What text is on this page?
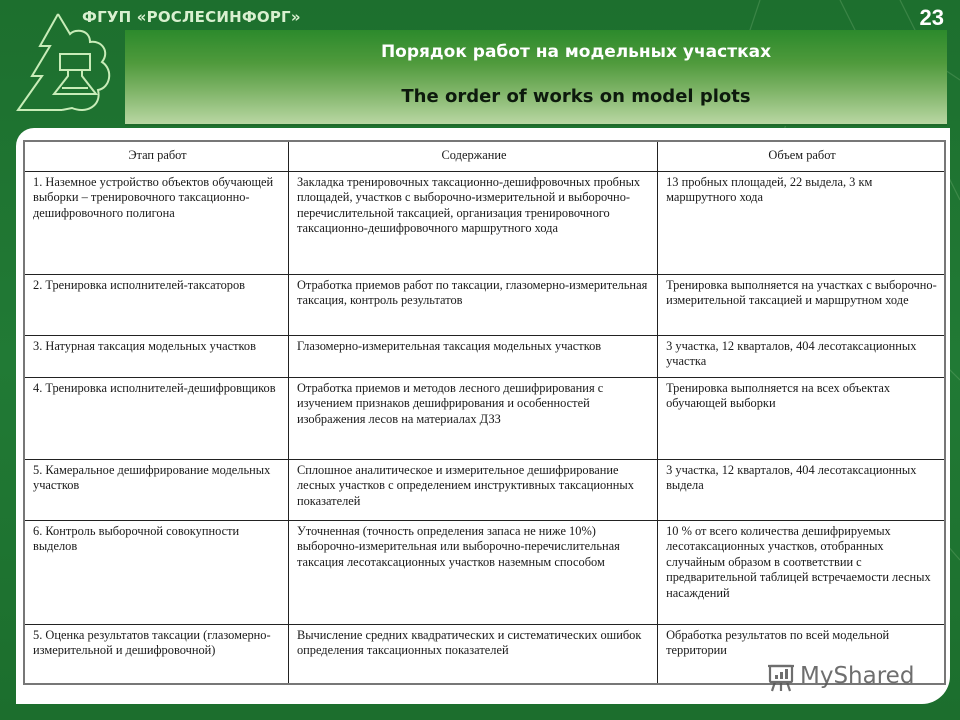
ФГУП «РОСЛЕСИНФОРГ»	23
Порядок работ на модельных участках
The order of works on model plots
Этап работ	Содержание	Объем работ
1. Наземное устройство объектов обучающей выборки – тренировочного таксационно-дешифровочного полигона	Закладка тренировочных таксационно-дешифровочных пробных площадей, участков с выборочно-измерительной и выборочно-перечислительной таксацией, организация тренировочного таксационно-дешифровочного маршрутного хода	13 пробных площадей, 22 выдела, 3 км маршрутного хода
2. Тренировка исполнителей-таксаторов	Отработка приемов работ по таксации, глазомерно-измерительная таксация, контроль результатов	Тренировка выполняется на участках с выборочно-измерительной таксацией и маршрутном ходе
3. Натурная таксация модельных участков	Глазомерно-измерительная таксация модельных участков	3 участка, 12 кварталов, 404 лесотаксационных участка
4. Тренировка исполнителей-дешифровщиков	Отработка приемов и методов лесного дешифрирования с изучением признаков дешифрирования и особенностей изображения лесов на материалах ДЗЗ	Тренировка выполняется на всех объектах обучающей выборки
5. Камеральное дешифрирование модельных участков	Сплошное аналитическое и измерительное дешифрирование лесных участков с определением инструктивных таксационных показателей	3 участка, 12 кварталов, 404 лесотаксационных выдела
6. Контроль выборочной совокупности выделов	Уточненная (точность определения запаса не ниже 10%) выборочно-измерительная или выборочно-перечислительная таксация лесотаксационных участков наземным способом	10 % от всего количества дешифрируемых лесотаксационных участков, отобранных случайным образом в соответствии с предварительной таблицей встречаемости лесных насаждений
5. Оценка результатов таксации (глазомерно-измерительной и дешифровочной)	Вычисление средних квадратических и систематических ошибок определения таксационных показателей	Обработка результатов по всей модельной территории
MyShared
